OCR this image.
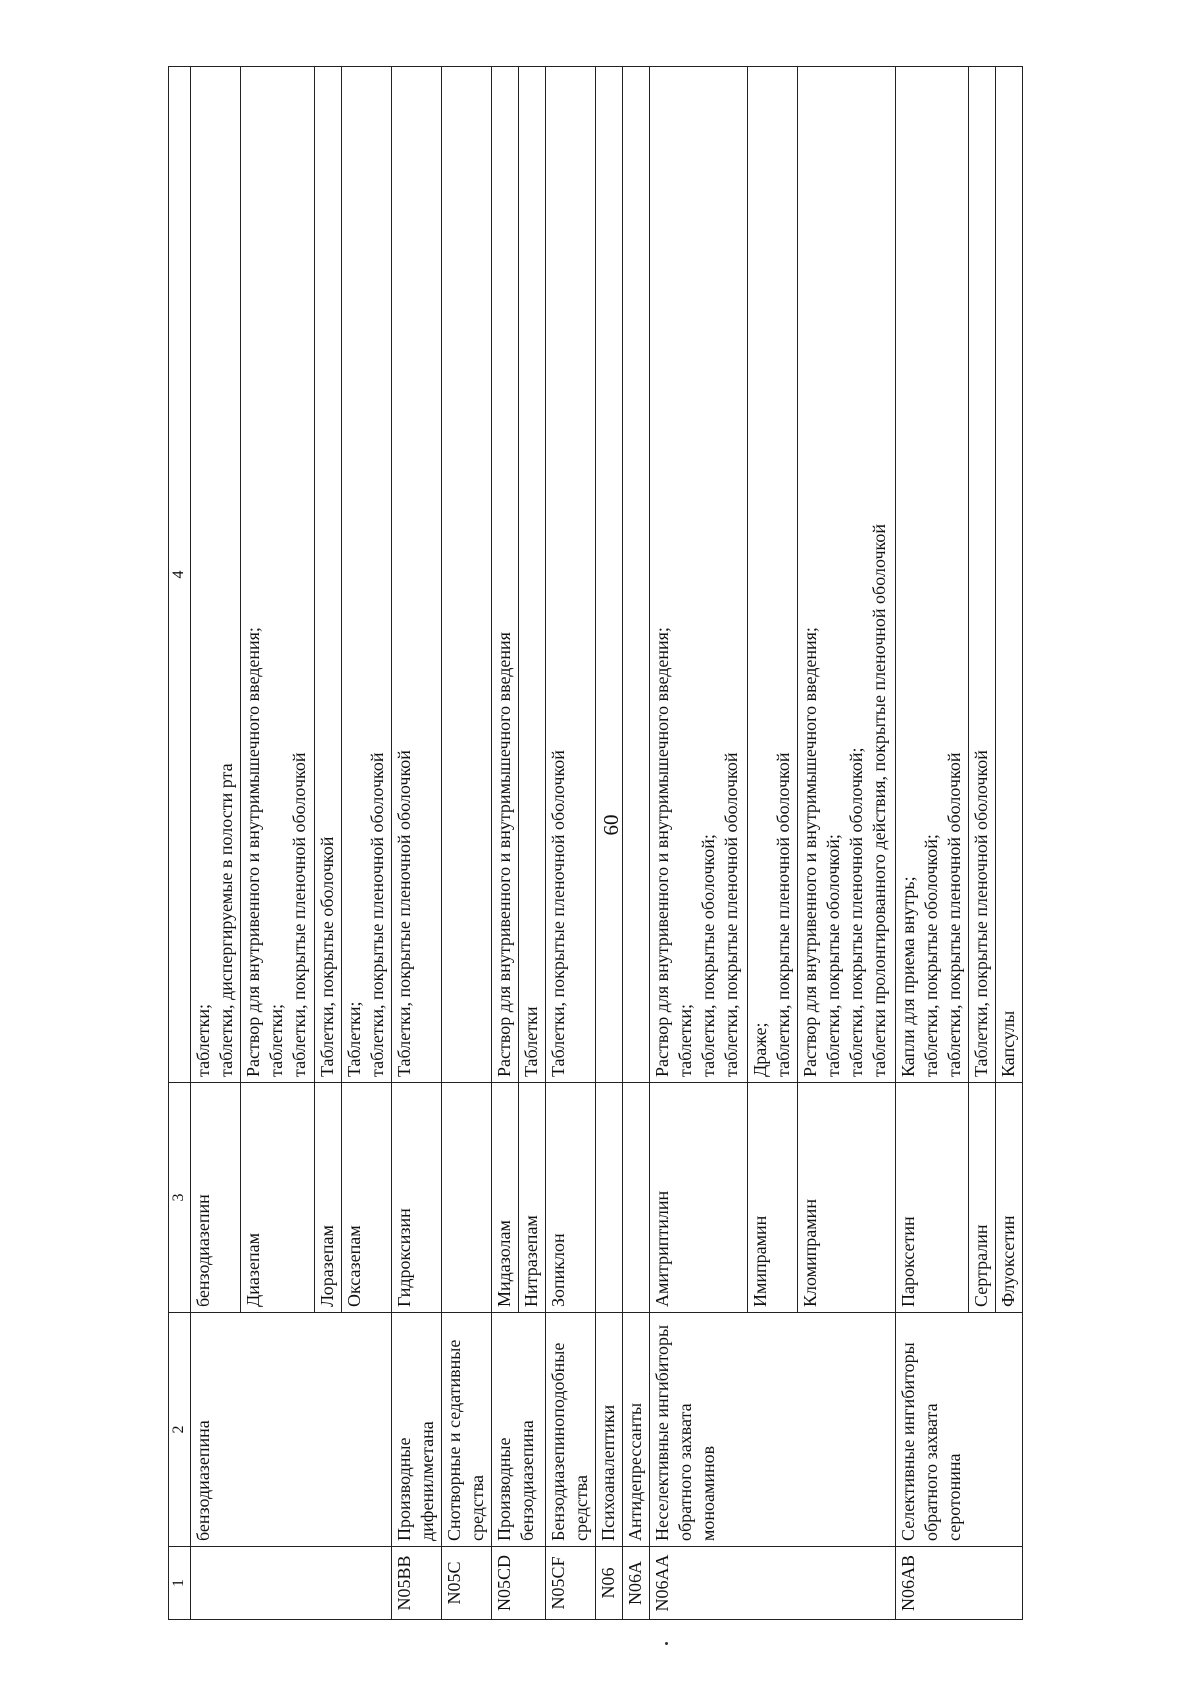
60
1	2	3	4
	бензодиазепина	бензодиазепин	таблетки; таблетки, диспергируемые в полости рта

		Диазепам	Раствор для внутривенного и внутримышечного введения; таблетки; таблетки, покрытые пленочной оболочкой

		Лоразепам	Таблетки, покрытые оболочкой

		Оксазепам	Таблетки; таблетки, покрытые пленочной оболочкой

N05BB	Производные дифенилметана	Гидроксизин	Таблетки, покрытые пленочной оболочкой

N05C	Снотворные и седативные средства		
N05CD	Производные бензодиазепина	Мидазолам	Раствор для внутривенного и внутримышечного введения

		Нитразепам	Таблетки

N05CF	Бензодиазепиноподобные средства	Зопиклон	Таблетки, покрытые пленочной оболочкой

N06	Психоаналептики		
N06A	Антидепрессанты		
N06AA	Неселективные ингибиторы обратного захвата моноаминов	Амитриптилин	Раствор для внутривенного и внутримышечного введения; таблетки; таблетки, покрытые оболочкой; таблетки, покрытые пленочной оболочкой

		Имипрамин	Драже; таблетки, покрытые пленочной оболочкой

		Кломипрамин	Раствор для внутривенного и внутримышечного введения; таблетки, покрытые оболочкой; таблетки, покрытые пленочной оболочкой; таблетки пролонгированного действия, покрытые пленочной оболочкой

N06AB	Селективные ингибиторы обратного захвата серотонина	Пароксетин	Капли для приема внутрь; таблетки, покрытые оболочкой; таблетки, покрытые пленочной оболочкой

		Сертралин	Таблетки, покрытые пленочной оболочкой

		Флуоксетин	Капсулы
